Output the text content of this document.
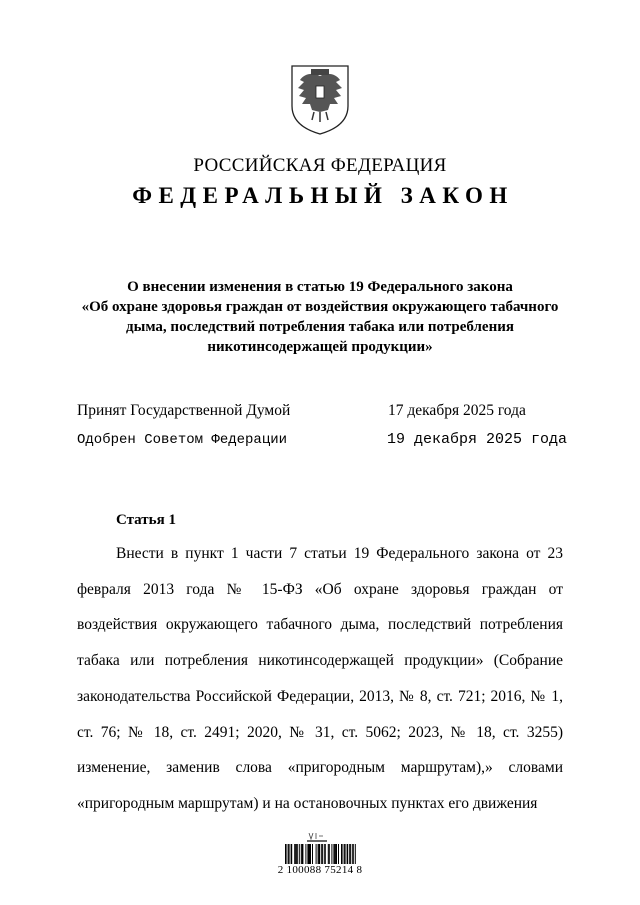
РОССИЙСКАЯ ФЕДЕРАЦИЯ
ФЕДЕРАЛЬНЫЙ ЗАКОН
О внесении изменения в статью 19 Федерального закона
«Об охране здоровья граждан от воздействия окружающего табачного
дыма, последствий потребления табака или потребления
никотинсодержащей продукции»
Принят Государственной Думой	17 декабря 2025 года
Одобрен Советом Федерации	19 декабря 2025 года
Статья 1
Внести в пункт 1 части 7 статьи 19 Федерального закона от 23 февраля 2013 года № 15-ФЗ «Об охране здоровья граждан от воздействия окружающего табачного дыма, последствий потребления табака или потребления никотинсодержащей продукции» (Собрание законодательства Российской Федерации, 2013, № 8, ст. 721; 2016, № 1, ст. 76; № 18, ст. 2491; 2020, № 31, ст. 5062; 2023, № 18, ст. 3255) изменение, заменив слова «пригородным маршрутам),» словами «пригородным маршрутам) и на остановочных пунктах его движения
2 100088 75214 8
